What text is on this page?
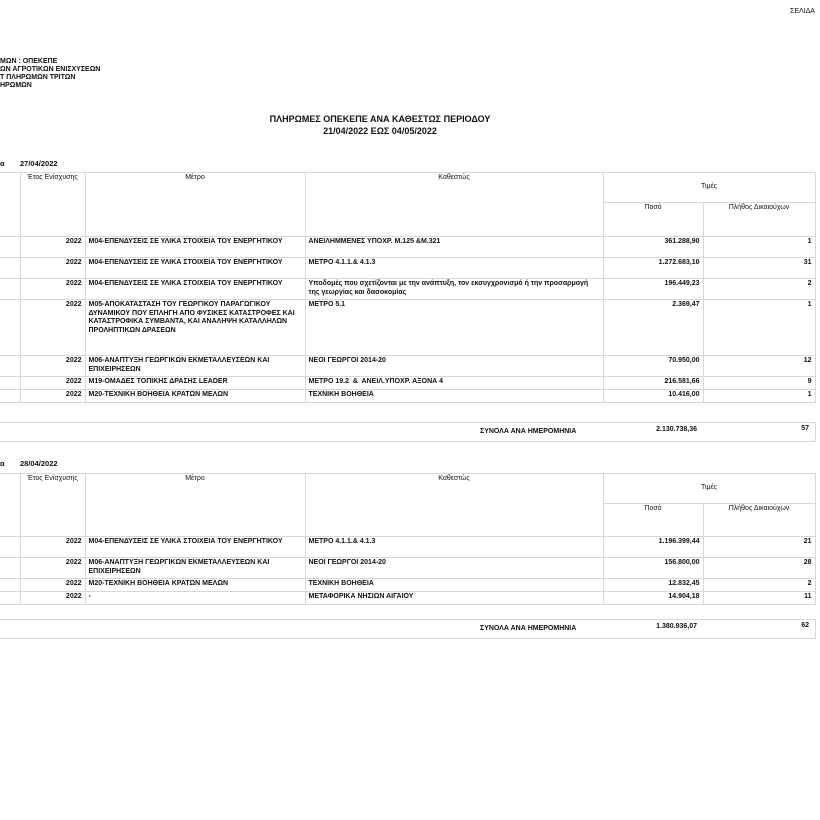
ΣΕΛΙΔΑ
ΜΩΝ : ΟΠΕΚΕΠΕ
ΩΝ ΑΓΡΟΤΙΚΩΝ ΕΝΙΣΧΥΣΕΩΝ
Τ ΠΛΗΡΩΜΩΝ ΤΡΙΤΩΝ
ΗΡΩΜΩΝ
ΠΛΗΡΩΜΕΣ ΟΠΕΚΕΠΕ ΑΝΑ ΚΑΘΕΣΤΩΣ ΠΕΡΙΟΔΟΥ
21/04/2022 ΕΩΣ 04/05/2022
α 27/04/2022
	Έτος Ενίσχυσης	Μέτρο	Καθεστώς	Τιμές	
				Ποσό	Πλήθος Δικαιούχων
	2022	Μ04-ΕΠΕΝΔΥΣΕΙΣ ΣΕ ΥΛΙΚΑ ΣΤΟΙΧΕΙΑ ΤΟΥ ΕΝΕΡΓΗΤΙΚΟΥ	ΑΝΕΙΛΗΜΜΕΝΕΣ ΥΠΟΧΡ. Μ.125 &Μ.321	361.288,90	1
	2022	Μ04-ΕΠΕΝΔΥΣΕΙΣ ΣΕ ΥΛΙΚΑ ΣΤΟΙΧΕΙΑ ΤΟΥ ΕΝΕΡΓΗΤΙΚΟΥ	ΜΕΤΡΟ 4.1.1.& 4.1.3	1.272.683,10	31
	2022	Μ04-ΕΠΕΝΔΥΣΕΙΣ ΣΕ ΥΛΙΚΑ ΣΤΟΙΧΕΙΑ ΤΟΥ ΕΝΕΡΓΗΤΙΚΟΥ	Υποδομές που σχετίζονται με την ανάπτυξη, τον εκσυγχρονισμό ή την προσαρμογή της γεωργίας και δασοκομίας	196.449,23	2
	2022	Μ05-ΑΠΟΚΑΤΑΣΤΑΣΗ ΤΟΥ ΓΕΩΡΓΙΚΟΥ ΠΑΡΑΓΩΓΙΚΟΥ ΔΥΝΑΜΙΚΟΥ ΠΟΥ ΕΠΛΗΓΗ ΑΠΟ ΦΥΣΙΚΕΣ ΚΑΤΑΣΤΡΟΦΕΣ ΚΑΙ ΚΑΤΑΣΤΡΟΦΙΚΑ ΣΥΜΒΑΝΤΑ, ΚΑΙ ΑΝΑΛΗΨΗ ΚΑΤΑΛΛΗΛΩΝ ΠΡΟΛΗΠΤΙΚΩΝ ΔΡΑΣΕΩΝ	ΜΕΤΡΟ 5.1	2.369,47	1
	2022	Μ06-ΑΝΑΠΤΥΞΗ ΓΕΩΡΓΙΚΩΝ ΕΚΜΕΤΑΛΛΕΥΣΕΩΝ ΚΑΙ ΕΠΙΧΕΙΡΗΣΕΩΝ	ΝΕΟΙ ΓΕΩΡΓΟΙ 2014-20	70.950,00	12
	2022	Μ19-ΟΜΑΔΕΣ ΤΟΠΙΚΗΣ ΔΡΑΣΗΣ LEADER	ΜΕΤΡΟ 19.2  &  ΑΝΕΙΛ.ΥΠΟΧΡ. ΑΞΟΝΑ 4	216.581,66	9
	2022	Μ20-ΤΕΧΝΙΚΗ ΒΟΗΘΕΙΑ ΚΡΑΤΩΝ ΜΕΛΩΝ	ΤΕΧΝΙΚΗ ΒΟΗΘΕΙΑ	10.416,00	1
ΣΥΝΟΛΑ ΑΝΑ ΗΜΕΡΟΜΗΝΙΑ	2.130.738,36	57
α 28/04/2022
	Έτος Ενίσχυσης	Μέτρο	Καθεστώς	Τιμές	
				Ποσό	Πλήθος Δικαιούχων
	2022	Μ04-ΕΠΕΝΔΥΣΕΙΣ ΣΕ ΥΛΙΚΑ ΣΤΟΙΧΕΙΑ ΤΟΥ ΕΝΕΡΓΗΤΙΚΟΥ	ΜΕΤΡΟ 4.1.1.& 4.1.3	1.196.399,44	21
	2022	Μ06-ΑΝΑΠΤΥΞΗ ΓΕΩΡΓΙΚΩΝ ΕΚΜΕΤΑΛΛΕΥΣΕΩΝ ΚΑΙ ΕΠΙΧΕΙΡΗΣΕΩΝ	ΝΕΟΙ ΓΕΩΡΓΟΙ 2014-20	156.800,00	28
	2022	Μ20-ΤΕΧΝΙΚΗ ΒΟΗΘΕΙΑ ΚΡΑΤΩΝ ΜΕΛΩΝ	ΤΕΧΝΙΚΗ ΒΟΗΘΕΙΑ	12.832,45	2
	2022	-	ΜΕΤΑΦΟΡΙΚΑ ΝΗΣΙΩΝ ΑΙΓΑΙΟΥ	14.904,18	11
ΣΥΝΟΛΑ ΑΝΑ ΗΜΕΡΟΜΗΝΙΑ	1.380.936,07	62
